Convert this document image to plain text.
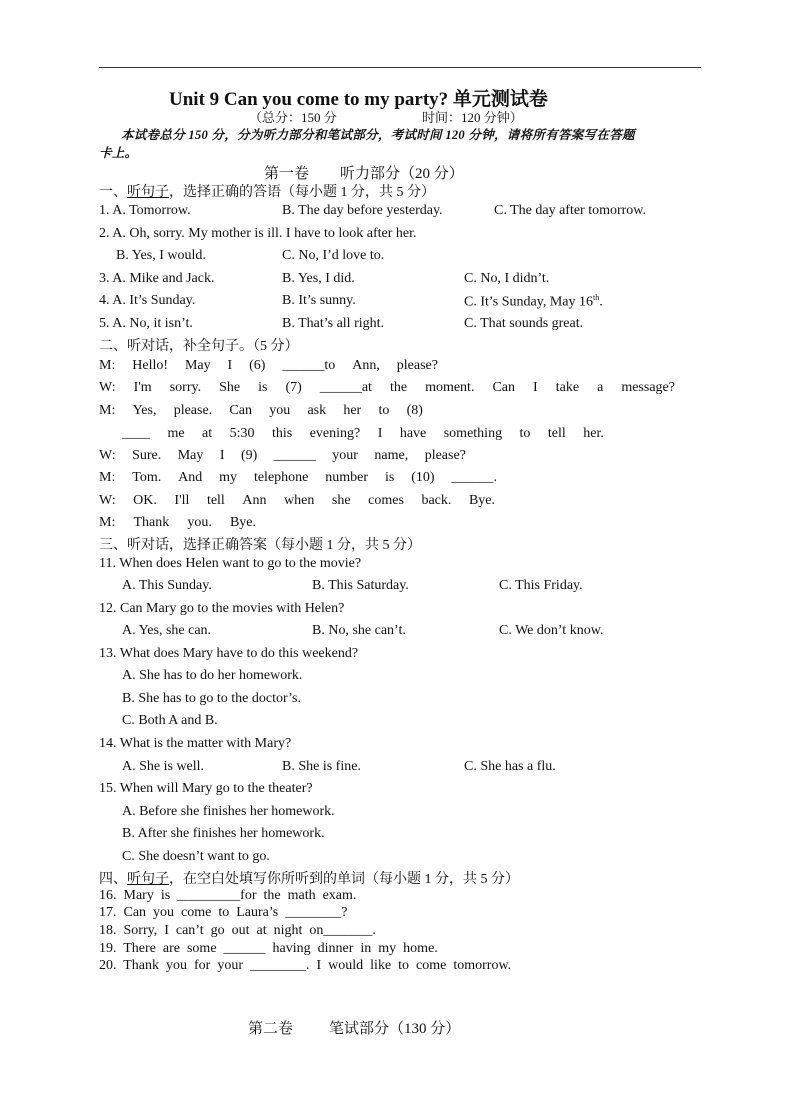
Unit 9 Can you come to my party? 单元测试卷
（总分：150 分	时间：120 分钟）
本试卷总分 150 分，分为听力部分和笔试部分，考试时间 120 分钟，请将所有答案写在答题
卡上。
第一卷 听力部分（20 分）
一、听句子，选择正确的答语（每小题 1 分，共 5 分）
1. A. Tomorrow.	B. The day before yesterday.	C. The day after tomorrow.
2. A. Oh, sorry. My mother is ill. I have to look after her.
B. Yes, I would.	C. No, I’d love to.
3. A. Mike and Jack.	B. Yes, I did.	C. No, I didn’t.
4. A. It’s Sunday.	B. It’s sunny.	C. It’s Sunday, May 16th.
5. A. No, it isn’t.	B. That’s all right.	C. That sounds great.
二、听对话，补全句子。（5 分）
M: Hello! May I (6) ______to Ann, please?
W: I'm sorry. She is (7) ______at the moment. Can I take a message?
M: Yes, please. Can you ask her to (8)
____ me at 5:30 this evening? I have something to tell her.
W: Sure. May I (9) ______ your name, please?
M: Tom. And my telephone number is (10) ______.
W: OK. I'll tell Ann when she comes back. Bye.
M: Thank you. Bye.
三、听对话，选择正确答案（每小题 1 分，共 5 分）
11. When does Helen want to go to the movie?
A. This Sunday.	B. This Saturday.	C. This Friday.
12. Can Mary go to the movies with Helen?
A. Yes, she can.	B. No, she can’t.	C. We don’t know.
13. What does Mary have to do this weekend?
A. She has to do her homework.
B. She has to go to the doctor’s.
C. Both A and B.
14. What is the matter with Mary?
A. She is well.	B. She is fine.	C. She has a flu.
15. When will Mary go to the theater?
A. Before she finishes her homework.
B. After she finishes her homework.
C. She doesn’t want to go.
四、听句子，在空白处填写你所听到的单词（每小题 1 分，共 5 分）
16.  Mary  is  _________for  the  math  exam.
17.  Can  you  come  to  Laura’s  ________?
18.  Sorry,  I  can’t  go  out  at  night  on_______.
19.  There  are  some  ______  having  dinner  in  my  home.
20.  Thank  you  for  your  ________.  I  would  like  to  come  tomorrow.
第二卷 笔试部分（130 分）
